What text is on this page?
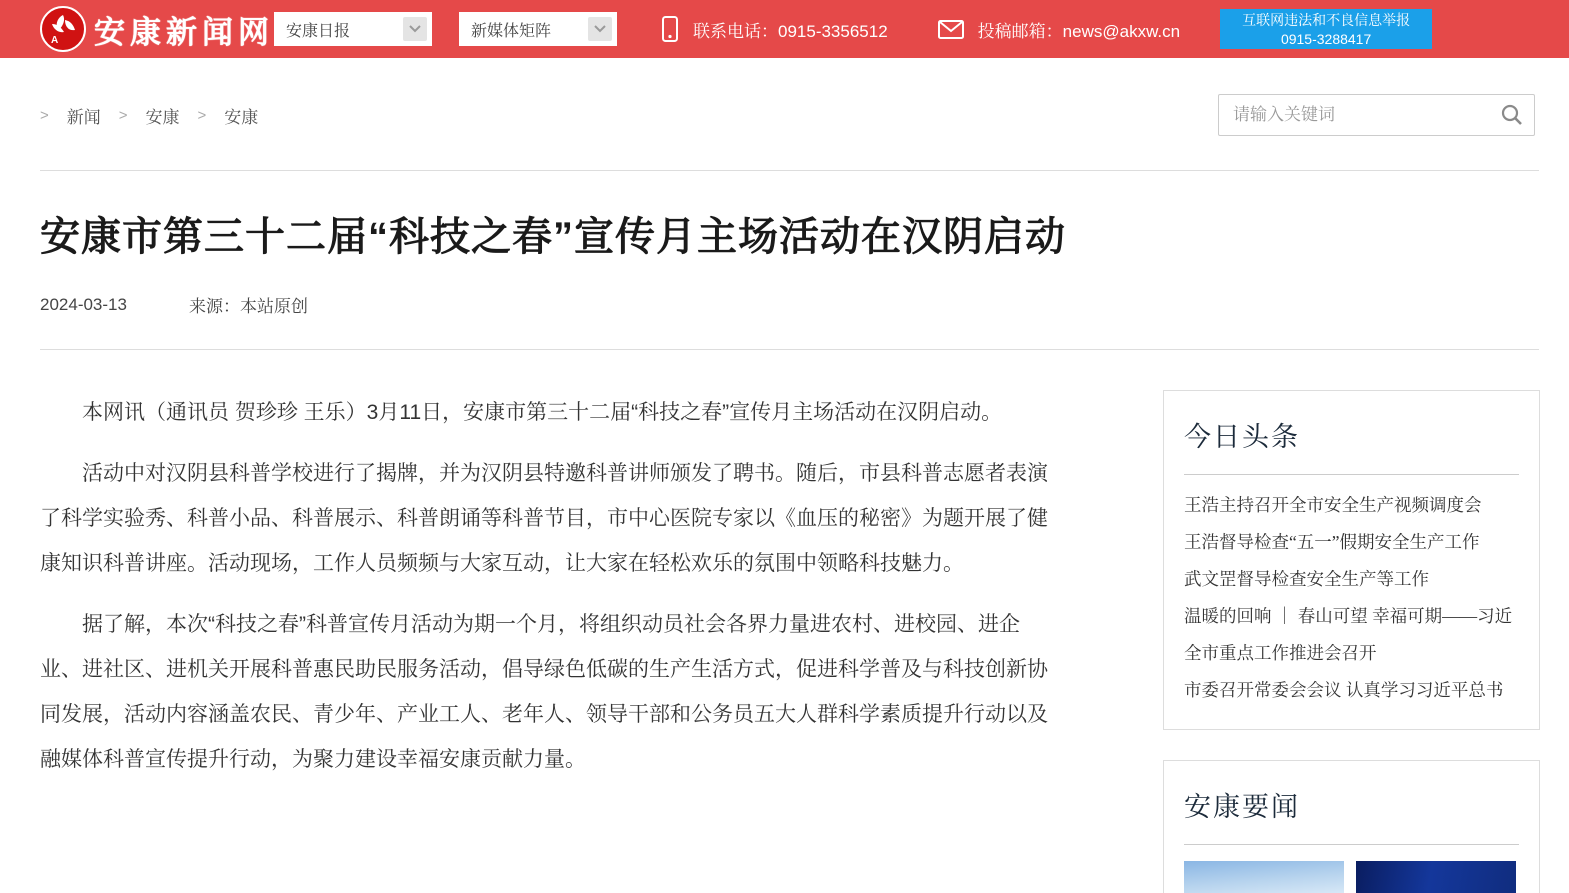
A 安康新闻网 安康日报	新媒体矩阵	联系电话：0915-3356512	投稿邮箱：news@akxw.cn
互联网违法和不良信息举报
0915-3288417
> 新闻 > 安康 > 安康
请输入关键词
安康市第三十二届“科技之春”宣传月主场活动在汉阴启动
2024-03-13	来源：本站原创

本网讯（通讯员 贺珍珍 王乐）3月11日，安康市第三十二届“科技之春”宣传月主场活动在汉阴启动。

活动中对汉阴县科普学校进行了揭牌，并为汉阴县特邀科普讲师颁发了聘书。随后，市县科普志愿者表演了科学实验秀、科普小品、科普展示、科普朗诵等科普节目，市中心医院专家以《血压的秘密》为题开展了健康知识科普讲座。活动现场，工作人员频频与大家互动，让大家在轻松欢乐的氛围中领略科技魅力。

据了解，本次“科技之春”科普宣传月活动为期一个月，将组织动员社会各界力量进农村、进校园、进企业、进社区、进机关开展科普惠民助民服务活动，倡导绿色低碳的生产生活方式，促进科学普及与科技创新协同发展，活动内容涵盖农民、青少年、产业工人、老年人、领导干部和公务员五大人群科学素质提升行动以及融媒体科普宣传提升行动，为聚力建设幸福安康贡献力量。

今日头条
王浩主持召开全市安全生产视频调度会
王浩督导检查“五一”假期安全生产工作
武文罡督导检查安全生产等工作
温暖的回响 ｜ 春山可望 幸福可期——习近
全市重点工作推进会召开
市委召开常委会会议 认真学习习近平总书
安康要闻
